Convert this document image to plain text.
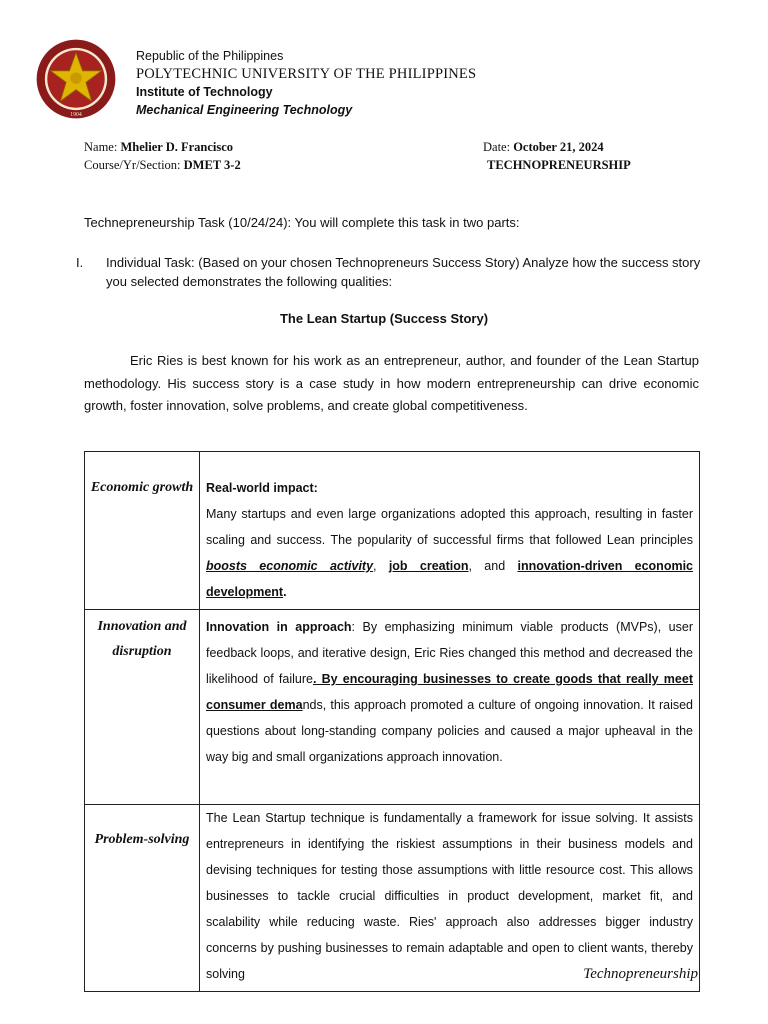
1904
Republic of the Philippines
POLYTECHNIC UNIVERSITY OF THE PHILIPPINES
Institute of Technology
Mechanical Engineering Technology
Name: Mhelier D. Francisco
Course/Yr/Section: DMET 3-2
Date: October 21, 2024
TECHNOPRENEURSHIP
Technepreneurship Task (10/24/24): You will complete this task in two parts:
I.	Individual Task: (Based on your chosen Technopreneurs Success Story) Analyze how the success story you selected demonstrates the following qualities:
The Lean Startup (Success Story)
Eric Ries is best known for his work as an entrepreneur, author, and founder of the Lean Startup methodology. His success story is a case study in how modern entrepreneurship can drive economic growth, foster innovation, solve problems, and create global competitiveness.
Economic growth	Real-world impact:
Many startups and even large organizations adopted this approach, resulting in faster scaling and success. The popularity of successful firms that followed Lean principles boosts economic activity, job creation, and innovation-driven economic development.
Innovation and disruption	Innovation in approach: By emphasizing minimum viable products (MVPs), user feedback loops, and iterative design, Eric Ries changed this method and decreased the likelihood of failure. By encouraging businesses to create goods that really meet consumer demands, this approach promoted a culture of ongoing innovation. It raised questions about long-standing company policies and caused a major upheaval in the way big and small organizations approach innovation.
Problem-solving	The Lean Startup technique is fundamentally a framework for issue solving. It assists entrepreneurs in identifying the riskiest assumptions in their business models and devising techniques for testing those assumptions with little resource cost. This allows businesses to tackle crucial difficulties in product development, market fit, and scalability while reducing waste. Ries' approach also addresses bigger industry concerns by pushing businesses to remain adaptable and open to client wants, thereby solving	Technopreneurship
